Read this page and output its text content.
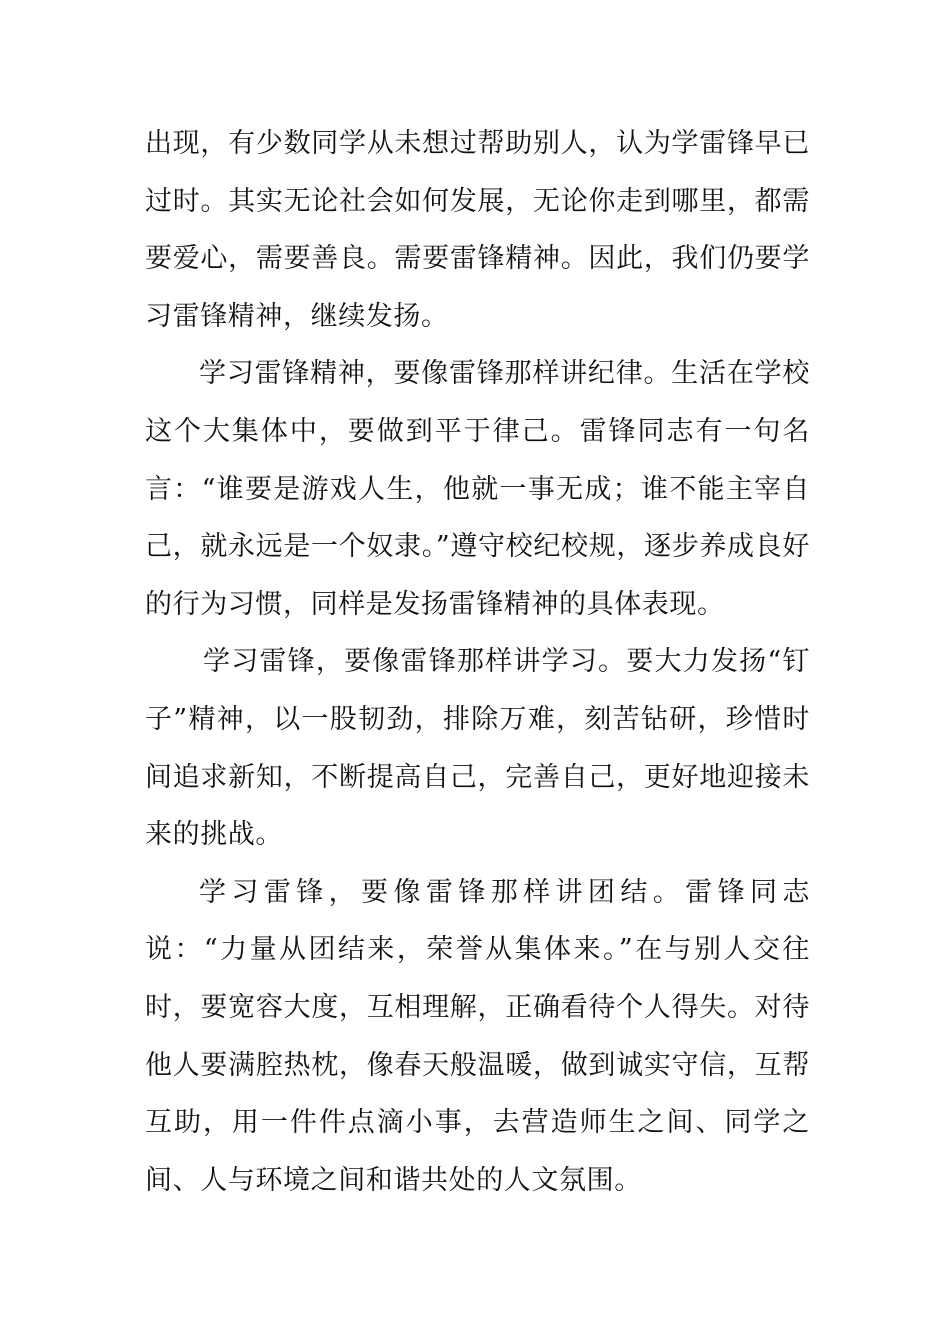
出现，有少数同学从未想过帮助别人，认为学雷锋早已过时。其实无论社会如何发展，无论你走到哪里，都需要爱心，需要善良。需要雷锋精神。因此，我们仍要学习雷锋精神，继续发扬。

学习雷锋精神，要像雷锋那样讲纪律。生活在学校这个大集体中，要做到平于律己。雷锋同志有一句名言：“谁要是游戏人生，他就一事无成；谁不能主宰自己，就永远是一个奴隶。”遵守校纪校规，逐步养成良好的行为习惯，同样是发扬雷锋精神的具体表现。

学习雷锋，要像雷锋那样讲学习。要大力发扬“钉子”精神，以一股韧劲，排除万难，刻苦钻研，珍惜时间追求新知，不断提高自己，完善自己，更好地迎接未来的挑战。

学习雷锋，要像雷锋那样讲团结。雷锋同志说：“力量从团结来，荣誉从集体来。”在与别人交往时，要宽容大度，互相理解，正确看待个人得失。对待他人要满腔热枕，像春天般温暖，做到诚实守信，互帮互助，用一件件点滴小事，去营造师生之间、同学之间、人与环境之间和谐共处的人文氛围。
